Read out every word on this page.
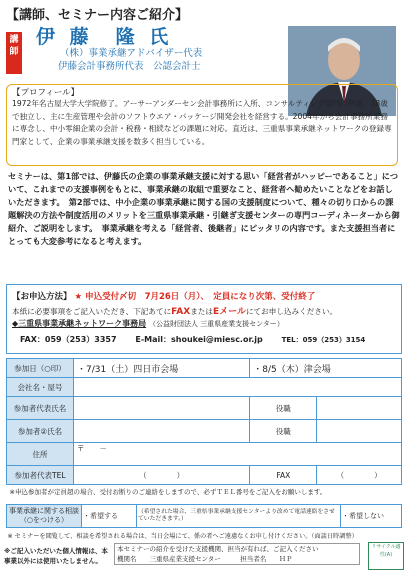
【講師、セミナー内容ご紹介】
講師
伊 藤　隆 氏
（株）事業承継アドバイザー代表
伊藤会計事務所代表　公認会計士
【プロフィール】
1972年名古屋大学大学院修了。アーサーアンダーセン会計事務所に入所、コンサルティング部門に所属。38歳で独立し、主に生産管理や会計のソフトウエア・パッケージ開発会社を経営する。2004年から会計事務所業務に専念し、中小零細企業の会計・税務・相続などの課題に対応。直近は、三重県事業承継ネットワークの登録専門家として、企業の事業承継支援を数多く担当している。
セミナーは、第1部では、伊藤氏の企業の事業承継支援に対する思い「経営者がハッピーであること」について、これまでの支援事例をもとに、事業承継の取組で重要なこと、経営者へ勧めたいことなどをお話しいただきます。　第2部では、中小企業の事業承継に関する国の支援制度について、種々の切り口からの課題解決の方法や制度活用のメリットを三重県事業承継・引継ぎ支援センターの専門コーディネーターから御紹介、ご説明をします。　事業承継を考える「経営者、後継者」にピッタリの内容です。また支援担当者にとっても大変参考になると考えます。
【お申込方法】 ★ 申込受付〆切　7月26日（月）、　定員になり次第、受付終了
本紙に必要事項をご記入いただき、下記あてにFAXまたはEメールにてお申し込みください。
◆三重県事業承継ネットワーク事務局 （公益財団法人 三重県産業支援センター）
FAX：059（253）3357　　 E-Mail：shoukei@miesc.or.jp　　	TEL：059（253）3154
参加日（○印）	・7/31（土）四日市会場	・8/5（木）津会場	
会社名・屋号			
参加者代表氏名		役職	
参加者②氏名		役職	
住所	〒　　－		
参加者代表TEL	（　　　　）	FAX	（　　　　）
※申込参加者が定員超の場合、受付お断りのご連絡をしますので、必ずＴＥＬ番号をご記入をお願いします。			
事業承継に関する相談（○をつける）	・希望する	（希望された場合、三重県事業承継支援センターより改めて電話連絡をさせていただきます。）	・希望しない
※ セミナーを閲覧して、相談を希望される場合は、当日会場にて、係の者へご遠慮なくお申し付けください。（面談日時調整）
※ご記入いただいた個人情報は、本事業以外には使用いたしません。
本セミナーの紹介を受けた支援機関、担当が有れば、ご記入ください
機関名　　三重県産業支援センター　　　担当者名　　ＨＰ
リサイクル適性(A)
